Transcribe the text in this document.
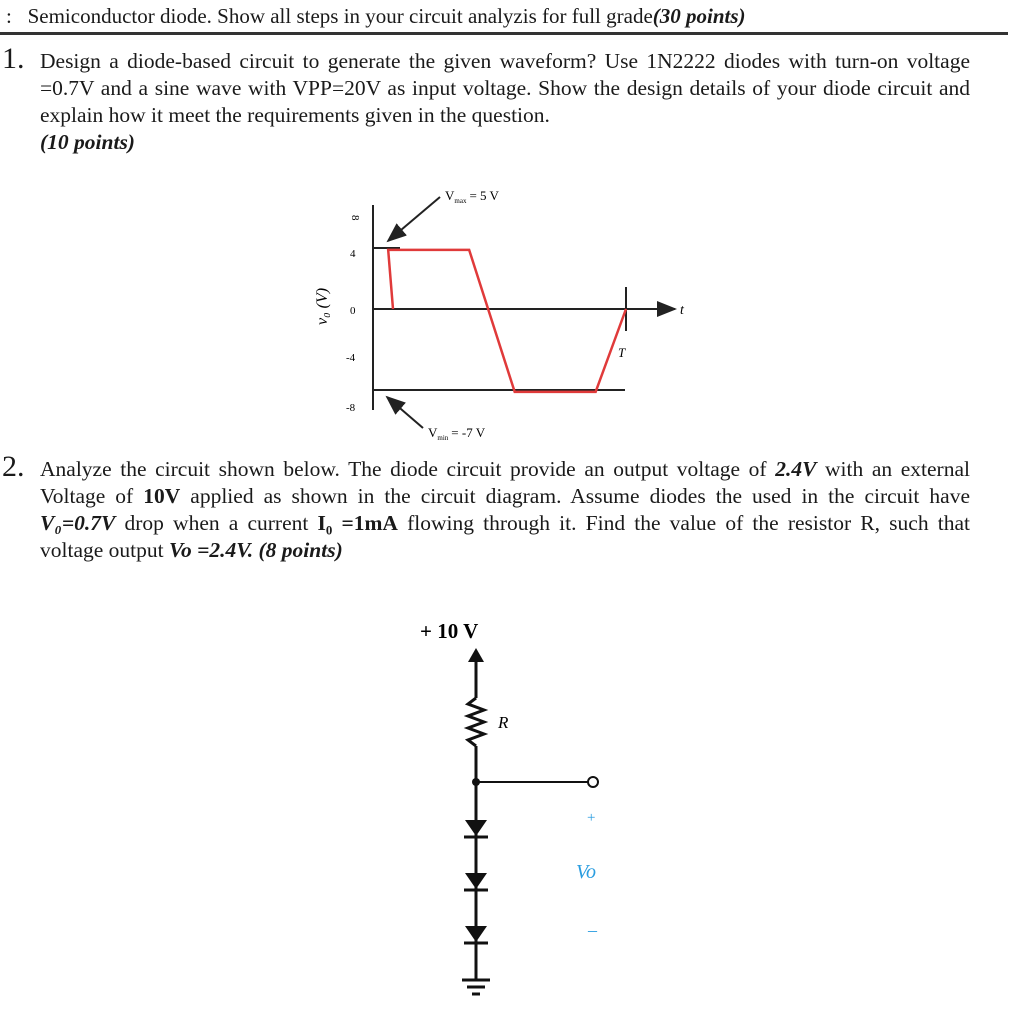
: Semiconductor diode. Show all steps in your circuit analyzis for full grade(30 points)
1. Design a diode-based circuit to generate the given waveform? Use 1N2222 diodes with turn-on voltage =0.7V and a sine wave with VPP=20V as input voltage. Show the design details of your diode circuit and explain how it meet the requirements given in the question.
(10 points)
8
4
0
-4
-8
v₀ (V)	t
T
$V_{max} = 5$ V
$V_{min} = -7$ V
2. Analyze the circuit shown below. The diode circuit provide an output voltage of 2.4V with an external Voltage of 10V applied as shown in the circuit diagram. Assume diodes the used in the circuit have V₀=0.7V drop when a current I₀ =1mA flowing through it. Find the value of the resistor R, such that voltage output Vo =2.4V. (8 points)
+ 10 V
R
+
Vo
–
